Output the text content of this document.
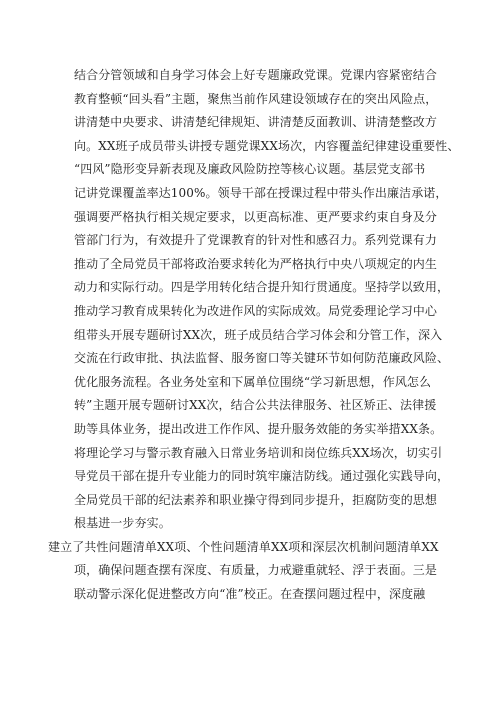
结合分管领域和自身学习体会上好专题廉政党课。党课内容紧密结合
教育整顿“回头看”主题，聚焦当前作风建设领域存在的突出风险点，
讲清楚中央要求、讲清楚纪律规矩、讲清楚反面教训、讲清楚整改方
向。XX班子成员带头讲授专题党课XX场次，内容覆盖纪律建设重要性、
“四风”隐形变异新表现及廉政风险防控等核心议题。基层党支部书
记讲党课覆盖率达100%。领导干部在授课过程中带头作出廉洁承诺，
强调要严格执行相关规定要求，以更高标准、更严要求约束自身及分
管部门行为，有效提升了党课教育的针对性和感召力。系列党课有力
推动了全局党员干部将政治要求转化为严格执行中央八项规定的内生
动力和实际行动。四是学用转化结合提升知行贯通度。坚持学以致用，
推动学习教育成果转化为改进作风的实际成效。局党委理论学习中心
组带头开展专题研讨XX次，班子成员结合学习体会和分管工作，深入
交流在行政审批、执法监督、服务窗口等关键环节如何防范廉政风险、
优化服务流程。各业务处室和下属单位围绕“学习新思想，作风怎么
转”主题开展专题研讨XX次，结合公共法律服务、社区矫正、法律援
助等具体业务，提出改进工作作风、提升服务效能的务实举措XX条。
将理论学习与警示教育融入日常业务培训和岗位练兵XX场次，切实引
导党员干部在提升专业能力的同时筑牢廉洁防线。通过强化实践导向，
全局党员干部的纪法素养和职业操守得到同步提升，拒腐防变的思想
根基进一步夯实。
建立了共性问题清单XX项、个性问题清单XX项和深层次机制问题清单XX
项，确保问题查摆有深度、有质量，力戒避重就轻、浮于表面。三是
联动警示深化促进整改方向“准”校正。在查摆问题过程中，深度融
